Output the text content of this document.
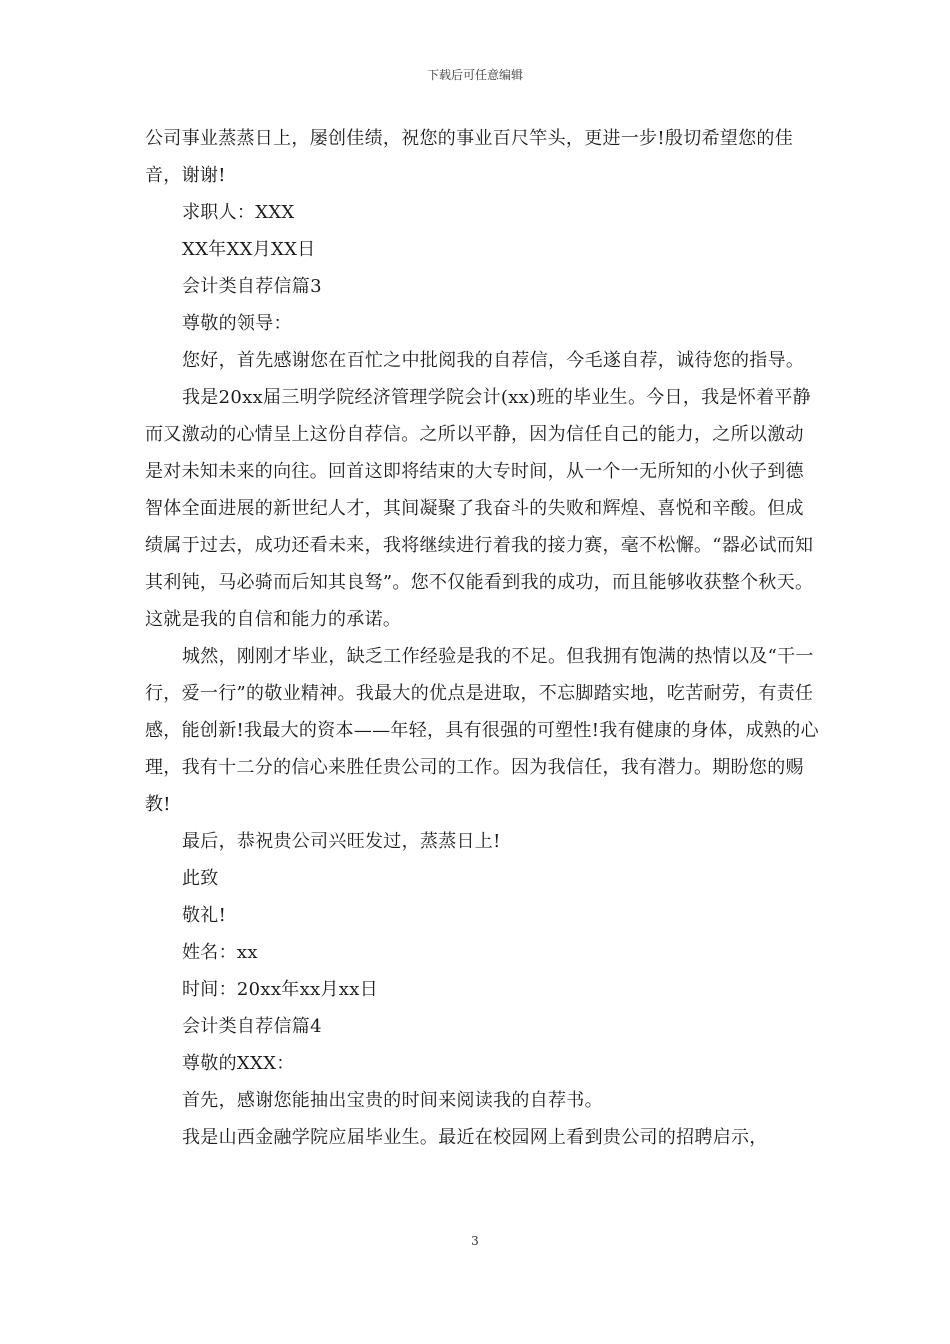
下载后可任意编辑

公司事业蒸蒸日上，屡创佳绩，祝您的事业百尺竿头，更进一步!殷切希望您的佳音，谢谢!

求职人：XXX

XX年XX月XX日

会计类自荐信篇3

尊敬的领导：

您好，首先感谢您在百忙之中批阅我的自荐信，今毛遂自荐，诚待您的指导。

我是20xx届三明学院经济管理学院会计(xx)班的毕业生。今日，我是怀着平静而又激动的心情呈上这份自荐信。之所以平静，因为信任自己的能力，之所以激动是对未知未来的向往。回首这即将结束的大专时间，从一个一无所知的小伙子到德智体全面进展的新世纪人才，其间凝聚了我奋斗的失败和辉煌、喜悦和辛酸。但成绩属于过去，成功还看未来，我将继续进行着我的接力赛，毫不松懈。“器必试而知其利钝，马必骑而后知其良驽”。您不仅能看到我的成功，而且能够收获整个秋天。这就是我的自信和能力的承诺。

城然，刚刚才毕业，缺乏工作经验是我的不足。但我拥有饱满的热情以及“干一行，爱一行”的敬业精神。我最大的优点是进取，不忘脚踏实地，吃苦耐劳，有责任感，能创新!我最大的资本——年轻，具有很强的可塑性!我有健康的身体，成熟的心理，我有十二分的信心来胜任贵公司的工作。因为我信任，我有潜力。期盼您的赐教!

最后，恭祝贵公司兴旺发过，蒸蒸日上!

此致

敬礼!

姓名：xx

时间：20xx年xx月xx日

会计类自荐信篇4

尊敬的XXX：

首先，感谢您能抽出宝贵的时间来阅读我的自荐书。

我是山西金融学院应届毕业生。最近在校园网上看到贵公司的招聘启示，

3
